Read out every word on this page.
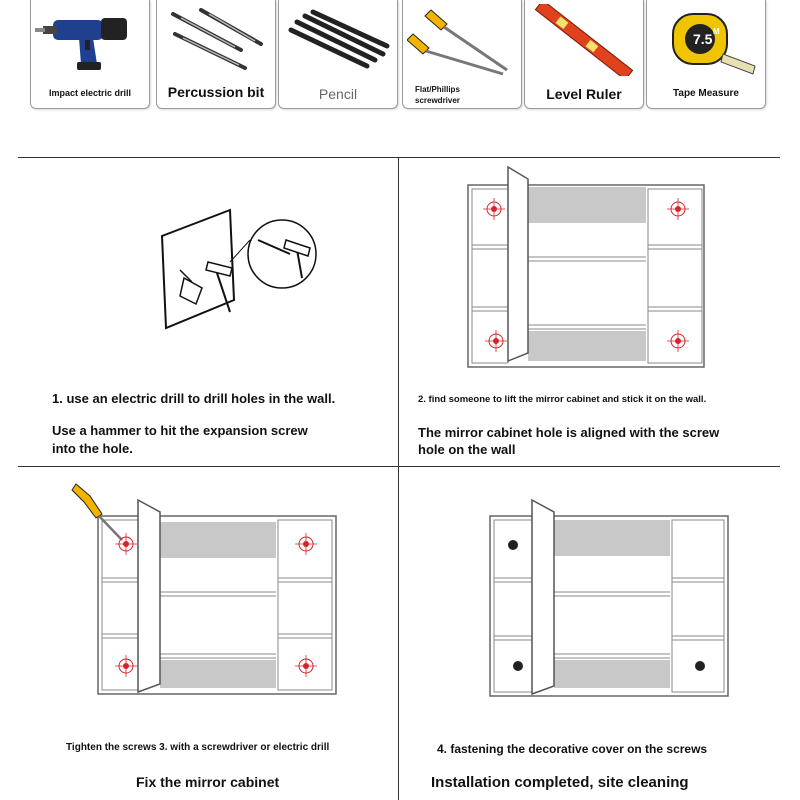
Impact electric drill	Percussion bit	Pencil	Flat/Phillips
screwdriver	Level Ruler
7.5 M
Tape Measure
1. use an electric drill to drill holes in the wall.
Use a hammer to hit the expansion screw
into the hole.
2. find someone to lift the mirror cabinet and stick it on the wall.
The mirror cabinet hole is aligned with the screw
hole on the wall
Tighten the screws 3. with a screwdriver or electric drill
Fix the mirror cabinet
4. fastening the decorative cover on the screws
Installation completed, site cleaning
